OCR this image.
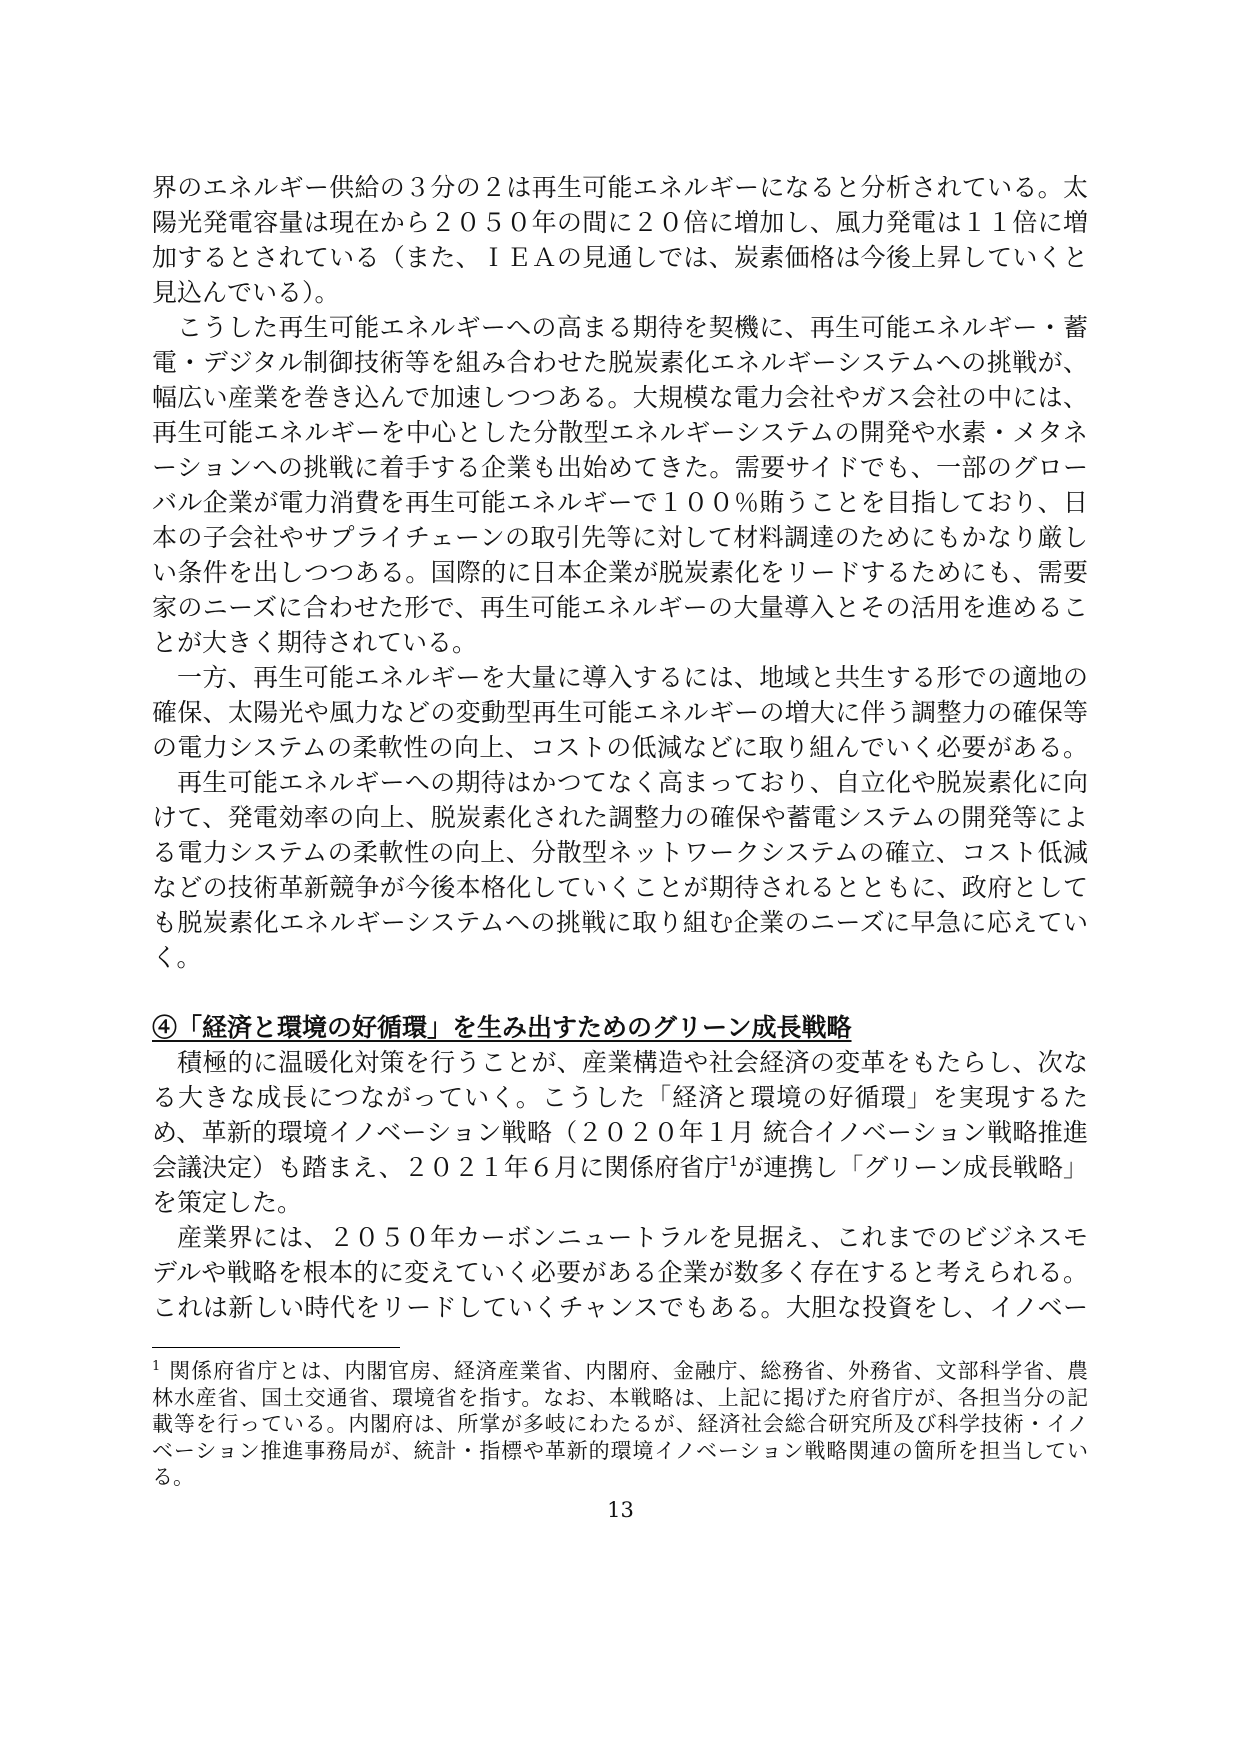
界のエネルギー供給の３分の２は再生可能エネルギーになると分析されている。太
陽光発電容量は現在から２０５０年の間に２０倍に増加し、風力発電は１１倍に増
加するとされている（また、ＩＥＡの見通しでは、炭素価格は今後上昇していくと
見込んでいる）。
こうした再生可能エネルギーへの高まる期待を契機に、再生可能エネルギー・蓄
電・デジタル制御技術等を組み合わせた脱炭素化エネルギーシステムへの挑戦が、
幅広い産業を巻き込んで加速しつつある。大規模な電力会社やガス会社の中には、
再生可能エネルギーを中心とした分散型エネルギーシステムの開発や水素・メタネ
ーションへの挑戦に着手する企業も出始めてきた。需要サイドでも、一部のグロー
バル企業が電力消費を再生可能エネルギーで１００％賄うことを目指しており、日
本の子会社やサプライチェーンの取引先等に対して材料調達のためにもかなり厳し
い条件を出しつつある。国際的に日本企業が脱炭素化をリードするためにも、需要
家のニーズに合わせた形で、再生可能エネルギーの大量導入とその活用を進めるこ
とが大きく期待されている。
一方、再生可能エネルギーを大量に導入するには、地域と共生する形での適地の
確保、太陽光や風力などの変動型再生可能エネルギーの増大に伴う調整力の確保等
の電力システムの柔軟性の向上、コストの低減などに取り組んでいく必要がある。
再生可能エネルギーへの期待はかつてなく高まっており、自立化や脱炭素化に向
けて、発電効率の向上、脱炭素化された調整力の確保や蓄電システムの開発等によ
る電力システムの柔軟性の向上、分散型ネットワークシステムの確立、コスト低減
などの技術革新競争が今後本格化していくことが期待されるとともに、政府として
も脱炭素化エネルギーシステムへの挑戦に取り組む企業のニーズに早急に応えてい
く。
④「経済と環境の好循環」を生み出すためのグリーン成長戦略
積極的に温暖化対策を行うことが、産業構造や社会経済の変革をもたらし、次な
る大きな成長につながっていく。こうした「経済と環境の好循環」を実現するた
め、革新的環境イノベーション戦略（２０２０年１月 統合イノベーション戦略推進
会議決定）も踏まえ、２０２１年６月に関係府省庁$^1$が連携し「グリーン成長戦略」
を策定した。
産業界には、２０５０年カーボンニュートラルを見据え、これまでのビジネスモ
デルや戦略を根本的に変えていく必要がある企業が数多く存在すると考えられる。
これは新しい時代をリードしていくチャンスでもある。大胆な投資をし、イノベー
$^1$ 関係府省庁とは、内閣官房、経済産業省、内閣府、金融庁、総務省、外務省、文部科学省、農
林水産省、国土交通省、環境省を指す。なお、本戦略は、上記に掲げた府省庁が、各担当分の記
載等を行っている。内閣府は、所掌が多岐にわたるが、経済社会総合研究所及び科学技術・イノ
ベーション推進事務局が、統計・指標や革新的環境イノベーション戦略関連の箇所を担当してい
る。
13
